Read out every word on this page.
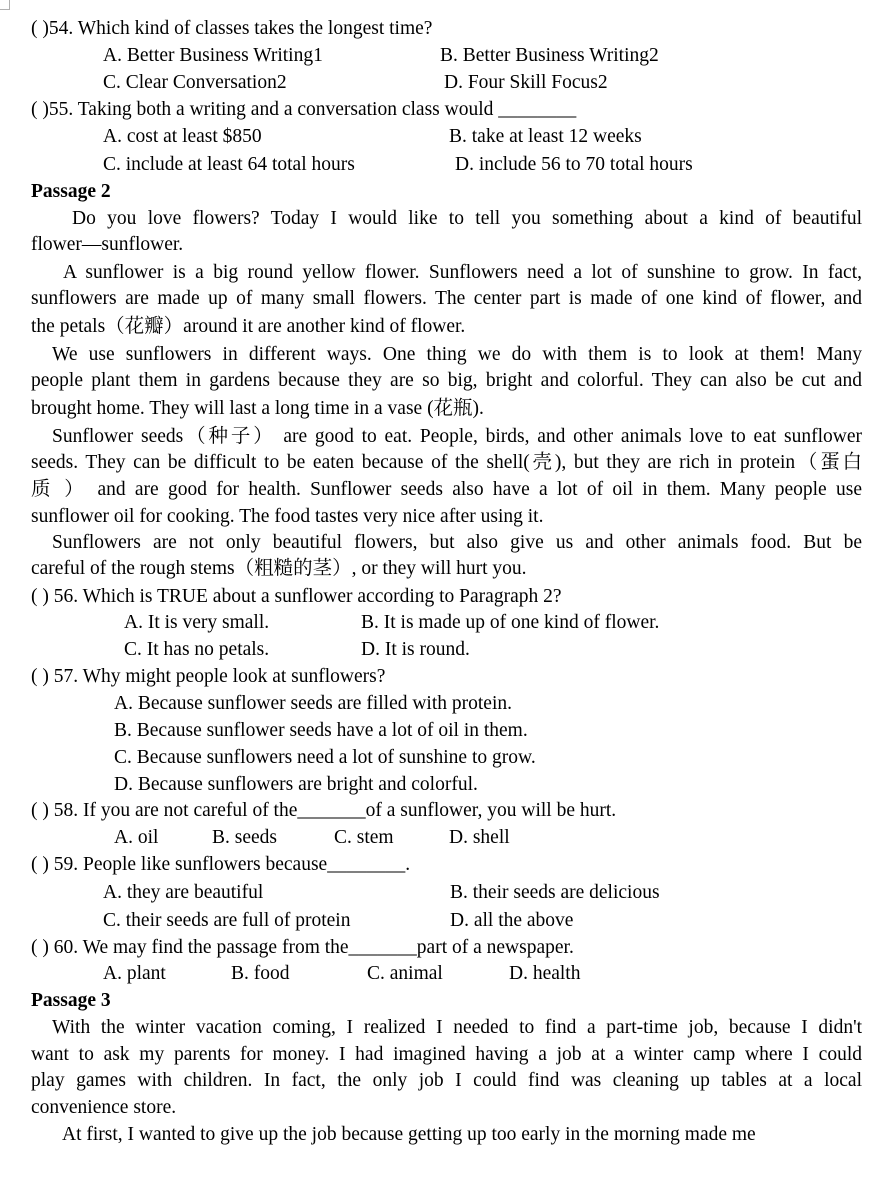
( )54. Which kind of classes takes the longest time?
A. Better Business Writing1	B. Better Business Writing2
C. Clear Conversation2	D. Four Skill Focus2
( )55. Taking both a writing and a conversation class would ________
A. cost at least $850	B. take at least 12 weeks
C. include at least 64 total hours	D. include 56 to 70 total hours
Passage 2
Do you love flowers? Today I would like to tell you something about a kind of beautiful
flower—sunflower.
A sunflower is a big round yellow flower. Sunflowers need a lot of sunshine to grow. In fact,
sunflowers are made up of many small flowers. The center part is made of one kind of flower, and
the petals（花瓣）around it are another kind of flower.
We use sunflowers in different ways. One thing we do with them is to look at them! Many
people plant them in gardens because they are so big, bright and colorful. They can also be cut and
brought home. They will last a long time in a vase (花瓶).
Sunflower seeds（种子） are good to eat. People, birds, and other animals love to eat sunflower
seeds. They can be difficult to be eaten because of the shell(壳), but they are rich in protein（蛋白
质 ） and are good for health. Sunflower seeds also have a lot of oil in them. Many people use
sunflower oil for cooking. The food tastes very nice after using it.
Sunflowers are not only beautiful flowers, but also give us and other animals food. But be
careful of the rough stems（粗糙的茎）, or they will hurt you.
( ) 56. Which is TRUE about a sunflower according to Paragraph 2?
A. It is very small.	B. It is made up of one kind of flower.
C. It has no petals.	D. It is round.
( ) 57. Why might people look at sunflowers?
A. Because sunflower seeds are filled with protein.
B. Because sunflower seeds have a lot of oil in them.
C. Because sunflowers need a lot of sunshine to grow.
D. Because sunflowers are bright and colorful.
( ) 58. If you are not careful of the_______of a sunflower, you will be hurt.
A. oil	B. seeds	C. stem	D. shell
( ) 59. People like sunflowers because________.
A. they are beautiful	B. their seeds are delicious
C. their seeds are full of protein	D. all the above
( ) 60. We may find the passage from the_______part of a newspaper.
A. plant	B. food	C. animal	D. health
Passage 3
With the winter vacation coming, I realized I needed to find a part-time job, because I didn't
want to ask my parents for money. I had imagined having a job at a winter camp where I could
play games with children. In fact, the only job I could find was cleaning up tables at a local
convenience store.
At first, I wanted to give up the job because getting up too early in the morning made me
